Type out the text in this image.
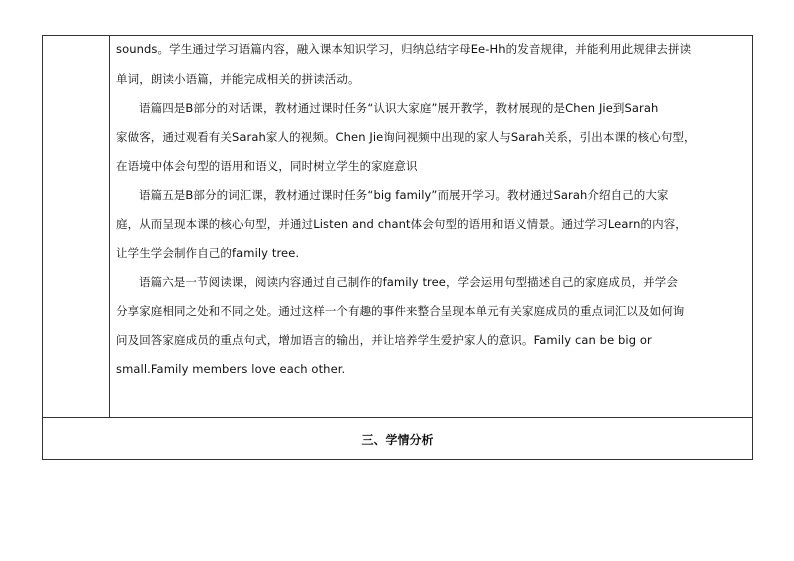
sounds。学生通过学习语篇内容，融入课本知识学习，归纳总结字母Ee-Hh的发音规律，并能利用此规律去拼读

单词，朗读小语篇，并能完成相关的拼读活动。

语篇四是B部分的对话课，教材通过课时任务“认识大家庭”展开教学，教材展现的是Chen Jie到Sarah

家做客，通过观看有关Sarah家人的视频。Chen Jie询问视频中出现的家人与Sarah关系，引出本课的核心句型，

在语境中体会句型的语用和语义，同时树立学生的家庭意识

语篇五是B部分的词汇课，教材通过课时任务“big family”而展开学习。教材通过Sarah介绍自己的大家

庭，从而呈现本课的核心句型，并通过Listen and chant体会句型的语用和语义情景。通过学习Learn的内容，

让学生学会制作自己的family tree.

语篇六是一节阅读课，阅读内容通过自己制作的family tree，学会运用句型描述自己的家庭成员，并学会

分享家庭相同之处和不同之处。通过这样一个有趣的事件来整合呈现本单元有关家庭成员的重点词汇以及如何询

问及回答家庭成员的重点句式，增加语言的输出，并让培养学生爱护家人的意识。Family can be big or

small.Family members love each other.

三、学情分析
